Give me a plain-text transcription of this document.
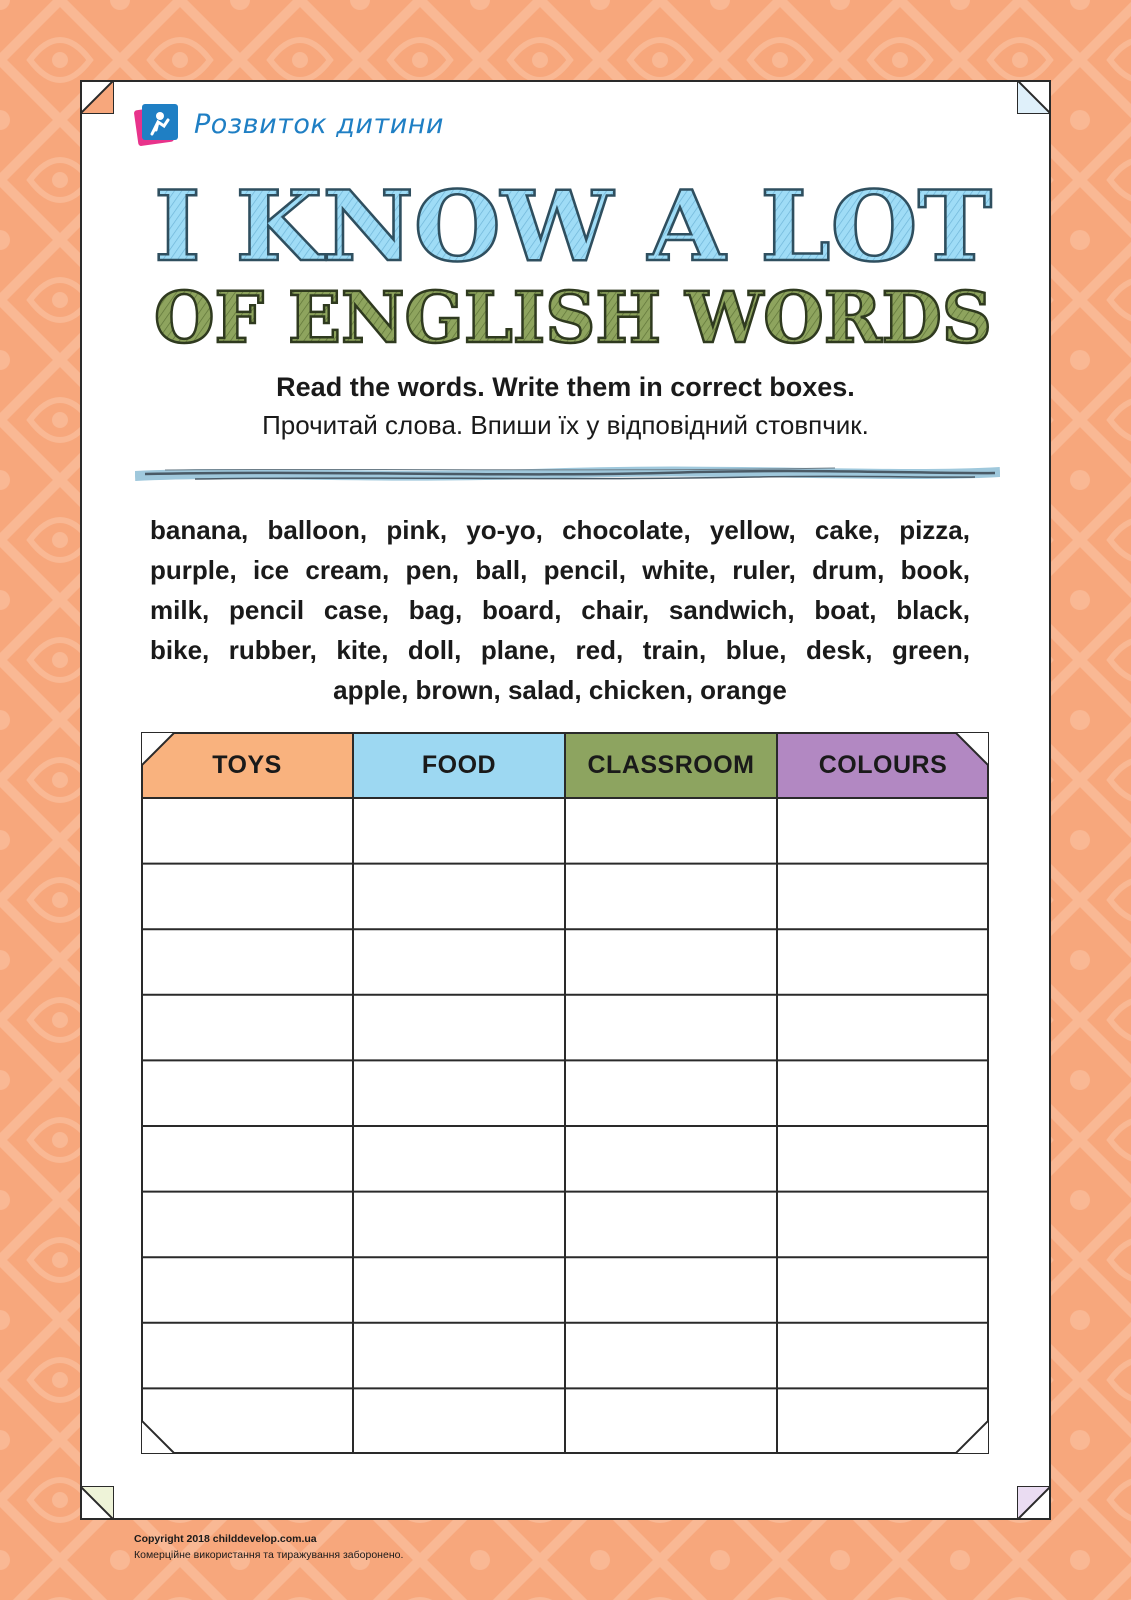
Розвиток дитини
I KNOW A LOT
OF ENGLISH WORDS
Read the words. Write them in correct boxes.
Прочитай слова. Впиши їх у відповідний стовпчик.
banana, balloon, pink, yo-yo, chocolate, yellow, cake, pizza,
purple, ice cream, pen, ball, pencil, white, ruler, drum, book,
milk, pencil case, bag, board, chair, sandwich, boat, black,
bike, rubber, kite, doll, plane, red, train, blue, desk, green,
apple, brown, salad, chicken, orange
TOYS	FOOD	CLASSROOM	COLOURS
Copyright 2018 childdevelop.com.ua
Комерційне використання та тиражування заборонено.
